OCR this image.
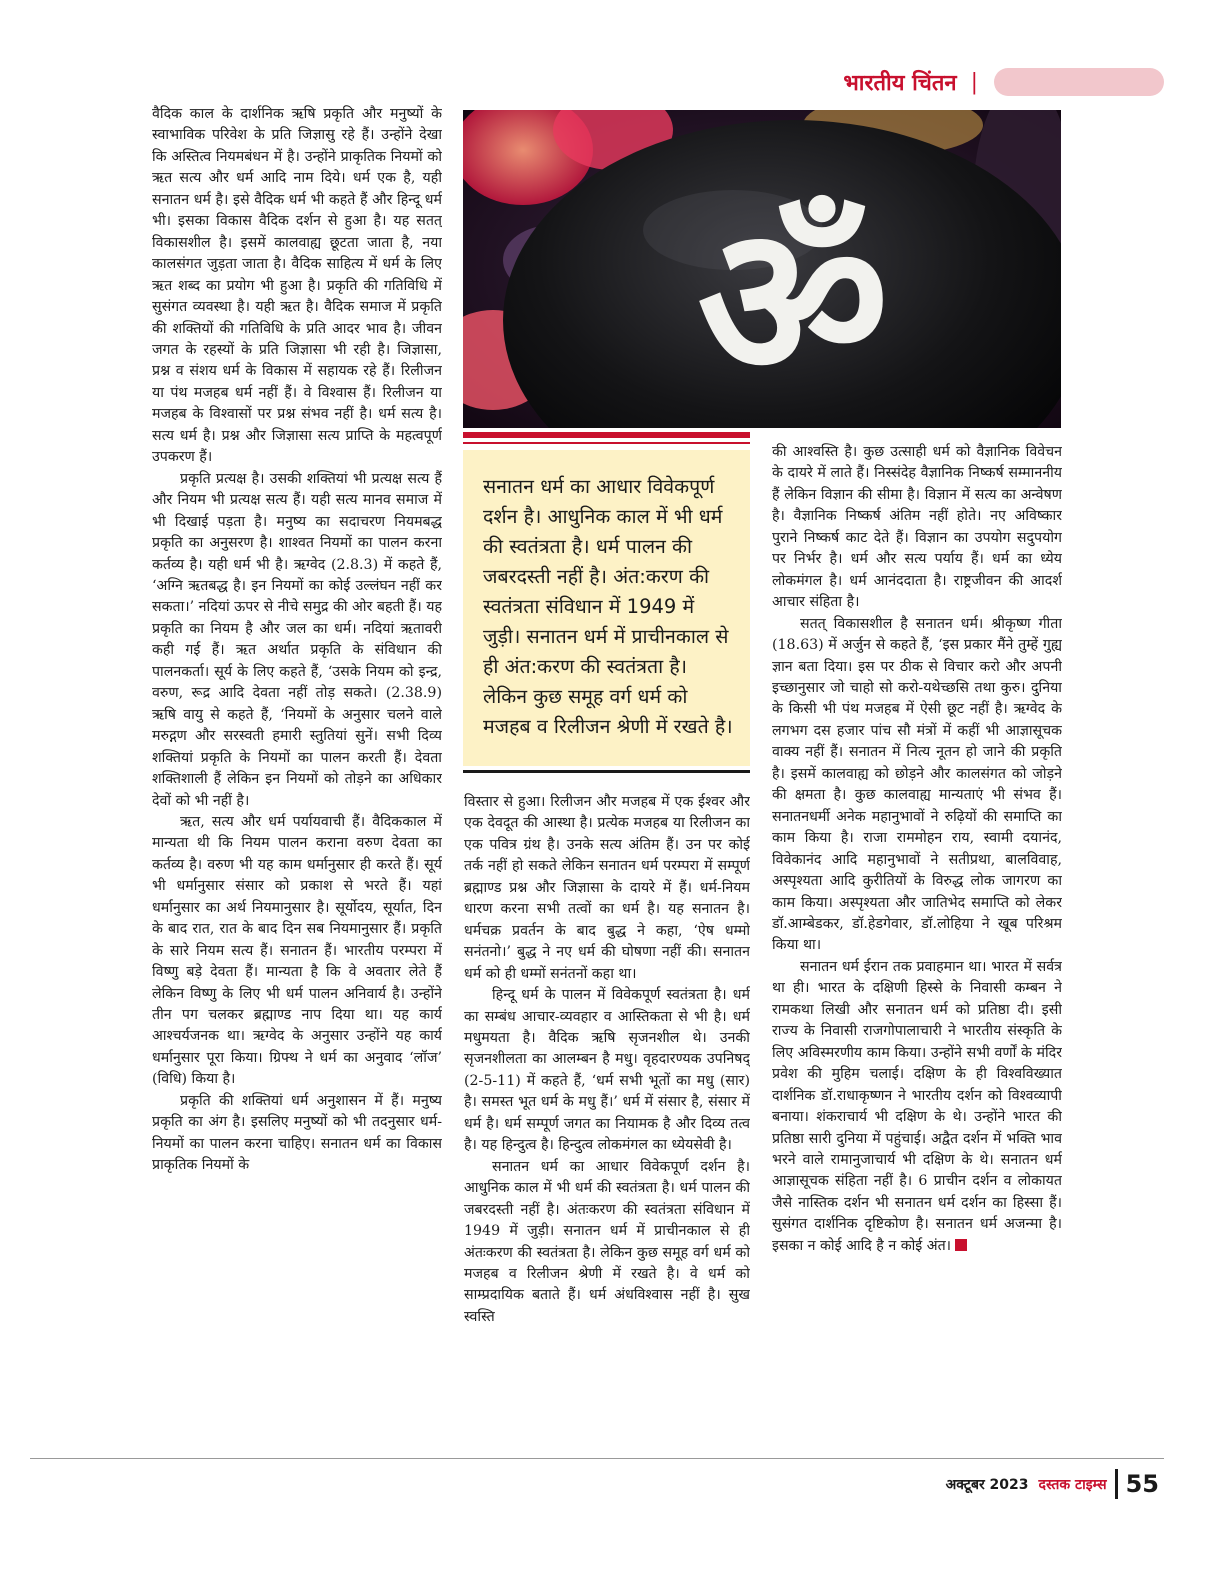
भारतीय चिंतन |

वैदिक काल के दार्शनिक ऋषि प्रकृति और मनुष्यों के स्वाभाविक परिवेश के प्रति जिज्ञासु रहे हैं। उन्होंने देखा कि अस्तित्व नियमबंधन में है। उन्होंने प्राकृतिक नियमों को ऋत सत्य और धर्म आदि नाम दिये। धर्म एक है, यही सनातन धर्म है। इसे वैदिक धर्म भी कहते हैं और हिन्दू धर्म भी। इसका विकास वैदिक दर्शन से हुआ है। यह सतत् विकासशील है। इसमें कालवाह्य छूटता जाता है, नया कालसंगत जुड़ता जाता है। वैदिक साहित्य में धर्म के लिए ऋत शब्द का प्रयोग भी हुआ है। प्रकृति की गतिविधि में सुसंगत व्यवस्था है। यही ऋत है। वैदिक समाज में प्रकृति की शक्तियों की गतिविधि के प्रति आदर भाव है। जीवन जगत के रहस्यों के प्रति जिज्ञासा भी रही है। जिज्ञासा, प्रश्न व संशय धर्म के विकास में सहायक रहे हैं। रिलीजन या पंथ मजहब धर्म नहीं हैं। वे विश्वास हैं। रिलीजन या मजहब के विश्वासों पर प्रश्न संभव नहीं है। धर्म सत्य है। सत्य धर्म है। प्रश्न और जिज्ञासा सत्य प्राप्ति के महत्वपूर्ण उपकरण हैं।

प्रकृति प्रत्यक्ष है। उसकी शक्तियां भी प्रत्यक्ष सत्य हैं और नियम भी प्रत्यक्ष सत्य हैं। यही सत्य मानव समाज में भी दिखाई पड़ता है। मनुष्य का सदाचरण नियमबद्ध प्रकृति का अनुसरण है। शाश्वत नियमों का पालन करना कर्तव्य है। यही धर्म भी है। ऋग्वेद (2.8.3) में कहते हैं, ‘अग्नि ऋतबद्ध है। इन नियमों का कोई उल्लंघन नहीं कर सकता।’ नदियां ऊपर से नीचे समुद्र की ओर बहती हैं। यह प्रकृति का नियम है और जल का धर्म। नदियां ऋतावरी कही गई हैं। ऋत अर्थात प्रकृति के संविधान की पालनकर्ता। सूर्य के लिए कहते हैं, ‘उसके नियम को इन्द्र, वरुण, रूद्र आदि देवता नहीं तोड़ सकते। (2.38.9) ऋषि वायु से कहते हैं, ‘नियमों के अनुसार चलने वाले मरुद्गण और सरस्वती हमारी स्तुतियां सुनें। सभी दिव्य शक्तियां प्रकृति के नियमों का पालन करती हैं। देवता शक्तिशाली हैं लेकिन इन नियमों को तोड़ने का अधिकार देवों को भी नहीं है।

ऋत, सत्य और धर्म पर्यायवाची हैं। वैदिककाल में मान्यता थी कि नियम पालन कराना वरुण देवता का कर्तव्य है। वरुण भी यह काम धर्मानुसार ही करते हैं। सूर्य भी धर्मानुसार संसार को प्रकाश से भरते हैं। यहां धर्मानुसार का अर्थ नियमानुसार है। सूर्योदय, सूर्यात, दिन के बाद रात, रात के बाद दिन सब नियमानुसार हैं। प्रकृति के सारे नियम सत्य हैं। सनातन हैं। भारतीय परम्परा में विष्णु बड़े देवता हैं। मान्यता है कि वे अवतार लेते हैं लेकिन विष्णु के लिए भी धर्म पालन अनिवार्य है। उन्होंने तीन पग चलकर ब्रह्माण्ड नाप दिया था। यह कार्य आश्चर्यजनक था। ऋग्वेद के अनुसार उन्होंने यह कार्य धर्मानुसार पूरा किया। ग्रिफ्थ ने धर्म का अनुवाद ‘लॉज’ (विधि) किया है।

प्रकृति की शक्तियां धर्म अनुशासन में हैं। मनुष्य प्रकृति का अंग है। इसलिए मनुष्यों को भी तदनुसार धर्म-नियमों का पालन करना चाहिए। सनातन धर्म का विकास प्राकृतिक नियमों के

ॐ
सनातन धर्म का आधार विवेकपूर्ण दर्शन है। आधुनिक काल में भी धर्म की स्वतंत्रता है। धर्म पालन की जबरदस्ती नहीं है। अंत:करण की स्वतंत्रता संविधान में 1949 में जुड़ी। सनातन धर्म में प्राचीनकाल से ही अंत:करण की स्वतंत्रता है। लेकिन कुछ समूह वर्ग धर्म को मजहब व रिलीजन श्रेणी में रखते है।

विस्तार से हुआ। रिलीजन और मजहब में एक ईश्वर और एक देवदूत की आस्था है। प्रत्येक मजहब या रिलीजन का एक पवित्र ग्रंथ है। उनके सत्य अंतिम हैं। उन पर कोई तर्क नहीं हो सकते लेकिन सनातन धर्म परम्परा में सम्पूर्ण ब्रह्माण्ड प्रश्न और जिज्ञासा के दायरे में हैं। धर्म-नियम धारण करना सभी तत्वों का धर्म है। यह सनातन है। धर्मचक्र प्रवर्तन के बाद बुद्ध ने कहा, ‘ऐष धम्मो सनंतनो।’ बुद्ध ने नए धर्म की घोषणा नहीं की। सनातन धर्म को ही धम्मों सनंतनों कहा था।

हिन्दू धर्म के पालन में विवेकपूर्ण स्वतंत्रता है। धर्म का सम्बंध आचार-व्यवहार व आस्तिकता से भी है। धर्म मधुमयता है। वैदिक ऋषि सृजनशील थे। उनकी सृजनशीलता का आलम्बन है मधु। वृहदारण्यक उपनिषद् (2-5-11) में कहते हैं, ‘धर्म सभी भूतों का मधु (सार) है। समस्त भूत धर्म के मधु हैं।’ धर्म में संसार है, संसार में धर्म है। धर्म सम्पूर्ण जगत का नियामक है और दिव्य तत्व है। यह हिन्दुत्व है। हिन्दुत्व लोकमंगल का ध्येयसेवी है।

सनातन धर्म का आधार विवेकपूर्ण दर्शन है। आधुनिक काल में भी धर्म की स्वतंत्रता है। धर्म पालन की जबरदस्ती नहीं है। अंतःकरण की स्वतंत्रता संविधान में 1949 में जुड़ी। सनातन धर्म में प्राचीनकाल से ही अंतःकरण की स्वतंत्रता है। लेकिन कुछ समूह वर्ग धर्म को मजहब व रिलीजन श्रेणी में रखते है। वे धर्म को साम्प्रदायिक बताते हैं। धर्म अंधविश्वास नहीं है। सुख स्वस्ति

की आश्वस्ति है। कुछ उत्साही धर्म को वैज्ञानिक विवेचन के दायरे में लाते हैं। निस्संदेह वैज्ञानिक निष्कर्ष सम्माननीय हैं लेकिन विज्ञान की सीमा है। विज्ञान में सत्य का अन्वेषण है। वैज्ञानिक निष्कर्ष अंतिम नहीं होते। नए अविष्कार पुराने निष्कर्ष काट देते हैं। विज्ञान का उपयोग सदुपयोग पर निर्भर है। धर्म और सत्य पर्याय हैं। धर्म का ध्येय लोकमंगल है। धर्म आनंददाता है। राष्ट्रजीवन की आदर्श आचार संहिता है।

सतत् विकासशील है सनातन धर्म। श्रीकृष्ण गीता (18.63) में अर्जुन से कहते हैं, ‘इस प्रकार मैंने तुम्हें गुह्य ज्ञान बता दिया। इस पर ठीक से विचार करो और अपनी इच्छानुसार जो चाहो सो करो-यथेच्छसि तथा कुरु। दुनिया के किसी भी पंथ मजहब में ऐसी छूट नहीं है। ऋग्वेद के लगभग दस हजार पांच सौ मंत्रों में कहीं भी आज्ञासूचक वाक्य नहीं हैं। सनातन में नित्य नूतन हो जाने की प्रकृति है। इसमें कालवाह्य को छोड़ने और कालसंगत को जोड़ने की क्षमता है। कुछ कालवाह्य मान्यताएं भी संभव हैं। सनातनधर्मी अनेक महानुभावों ने रुढ़ियों की समाप्ति का काम किया है। राजा राममोहन राय, स्वामी दयानंद, विवेकानंद आदि महानुभावों ने सतीप्रथा, बालविवाह, अस्पृश्यता आदि कुरीतियों के विरुद्ध लोक जागरण का काम किया। अस्पृश्यता और जातिभेद समाप्ति को लेकर डॉ.आम्बेडकर, डॉ.हेडगेवार, डॉ.लोहिया ने खूब परिश्रम किया था।

सनातन धर्म ईरान तक प्रवाहमान था। भारत में सर्वत्र था ही। भारत के दक्षिणी हिस्से के निवासी कम्बन ने रामकथा लिखी और सनातन धर्म को प्रतिष्ठा दी। इसी राज्य के निवासी राजगोपालाचारी ने भारतीय संस्कृति के लिए अविस्मरणीय काम किया। उन्होंने सभी वर्णों के मंदिर प्रवेश की मुहिम चलाई। दक्षिण के ही विश्वविख्यात दार्शनिक डॉ.राधाकृष्णन ने भारतीय दर्शन को विश्वव्यापी बनाया। शंकराचार्य भी दक्षिण के थे। उन्होंने भारत की प्रतिष्ठा सारी दुनिया में पहुंचाई। अद्वैत दर्शन में भक्ति भाव भरने वाले रामानुजाचार्य भी दक्षिण के थे। सनातन धर्म आज्ञासूचक संहिता नहीं है। 6 प्राचीन दर्शन व लोकायत जैसे नास्तिक दर्शन भी सनातन धर्म दर्शन का हिस्सा हैं। सुसंगत दार्शनिक दृष्टिकोण है। सनातन धर्म अजन्मा है। इसका न कोई आदि है न कोई अंत।

अक्टूबर 2023 दस्तक टाइम्स 55
